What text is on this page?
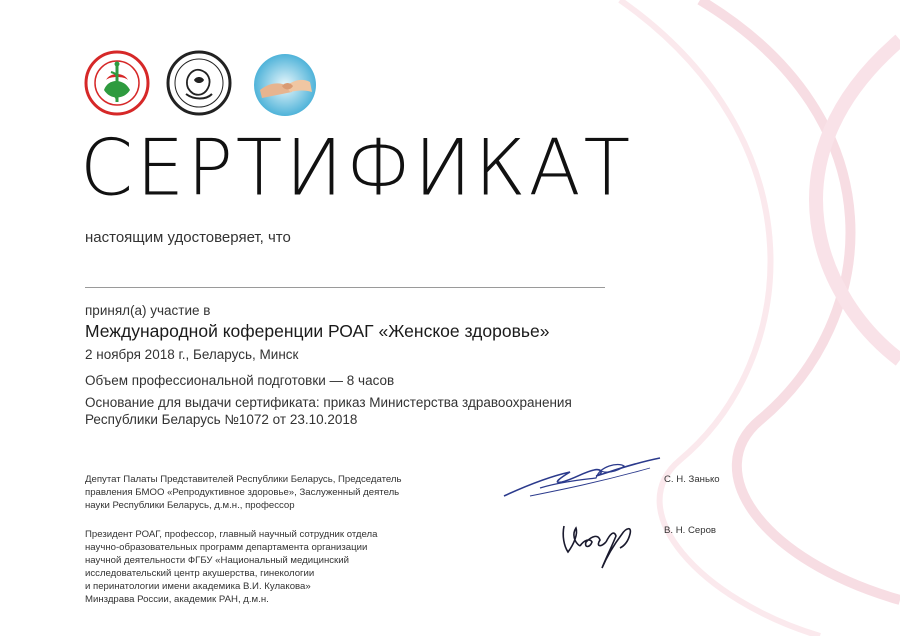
СЕРТИФИКАТ
настоящим удостоверяет, что
принял(а) участие в
Международной коференции РОАГ «Женское здоровье»
2 ноября 2018 г., Беларусь, Минск
Объем профессиональной подготовки — 8 часов

Основание для выдачи сертификата: приказ Министерства здравоохранения

Республики Беларусь №1072 от 23.10.2018

Депутат Палаты Представителей Республики Беларусь, Председатель

правления БМОО «Репродуктивное здоровье», Заслуженный деятель

науки Республики Беларусь, д.м.н., профессор

С. Н. Занько

Президент РОАГ, профессор, главный научный сотрудник отдела

научно-образовательных программ департамента организации

научной деятельности ФГБУ «Национальный медицинский

исследовательский центр акушерства, гинекологии

и перинатологии имени академика В.И. Кулакова»

Минздрава России, академик РАН, д.м.н.

В. Н. Серов
